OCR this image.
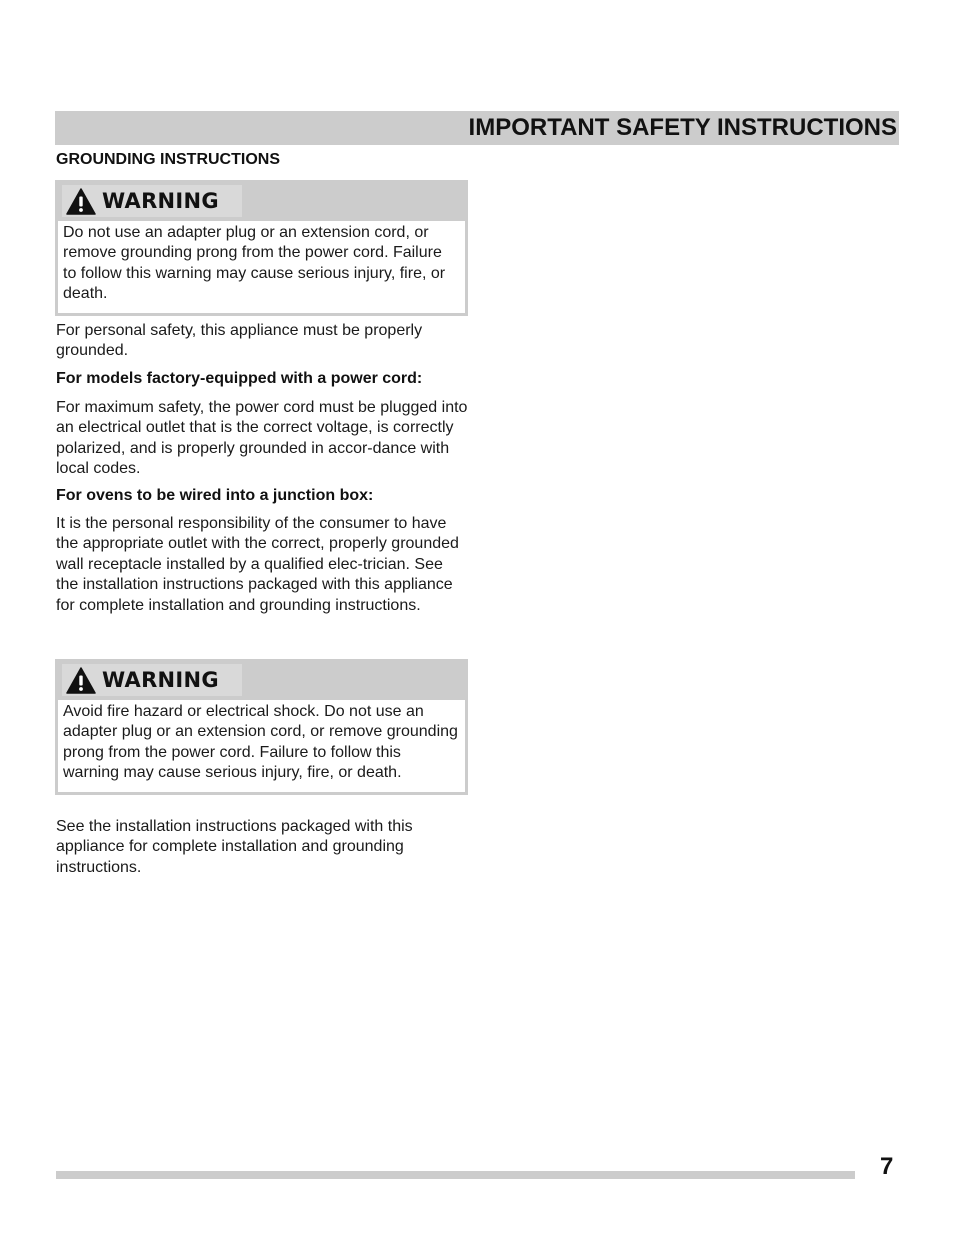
IMPORTANT SAFETY INSTRUCTIONS
GROUNDING INSTRUCTIONS
WARNING
Do not use an adapter plug or an extension cord, or remove grounding prong from the power cord. Failure to follow this warning may cause serious injury, fire, or death.

For personal safety, this appliance must be properly grounded.

For models factory-equipped with a power cord:

For maximum safety, the power cord must be plugged into an electrical outlet that is the correct voltage, is correctly polarized, and is properly grounded in accor-dance with local codes.

For ovens to be wired into a junction box:

It is the personal responsibility of the consumer to have the appropriate outlet with the correct, properly grounded wall receptacle installed by a qualified elec-trician. See the installation instructions packaged with this appliance for complete installation and grounding instructions.

WARNING
Avoid fire hazard or electrical shock. Do not use an adapter plug or an extension cord, or remove grounding prong from the power cord. Failure to follow this warning may cause serious injury, fire, or death.

See the installation instructions packaged with this appliance for complete installation and grounding instructions.

7
